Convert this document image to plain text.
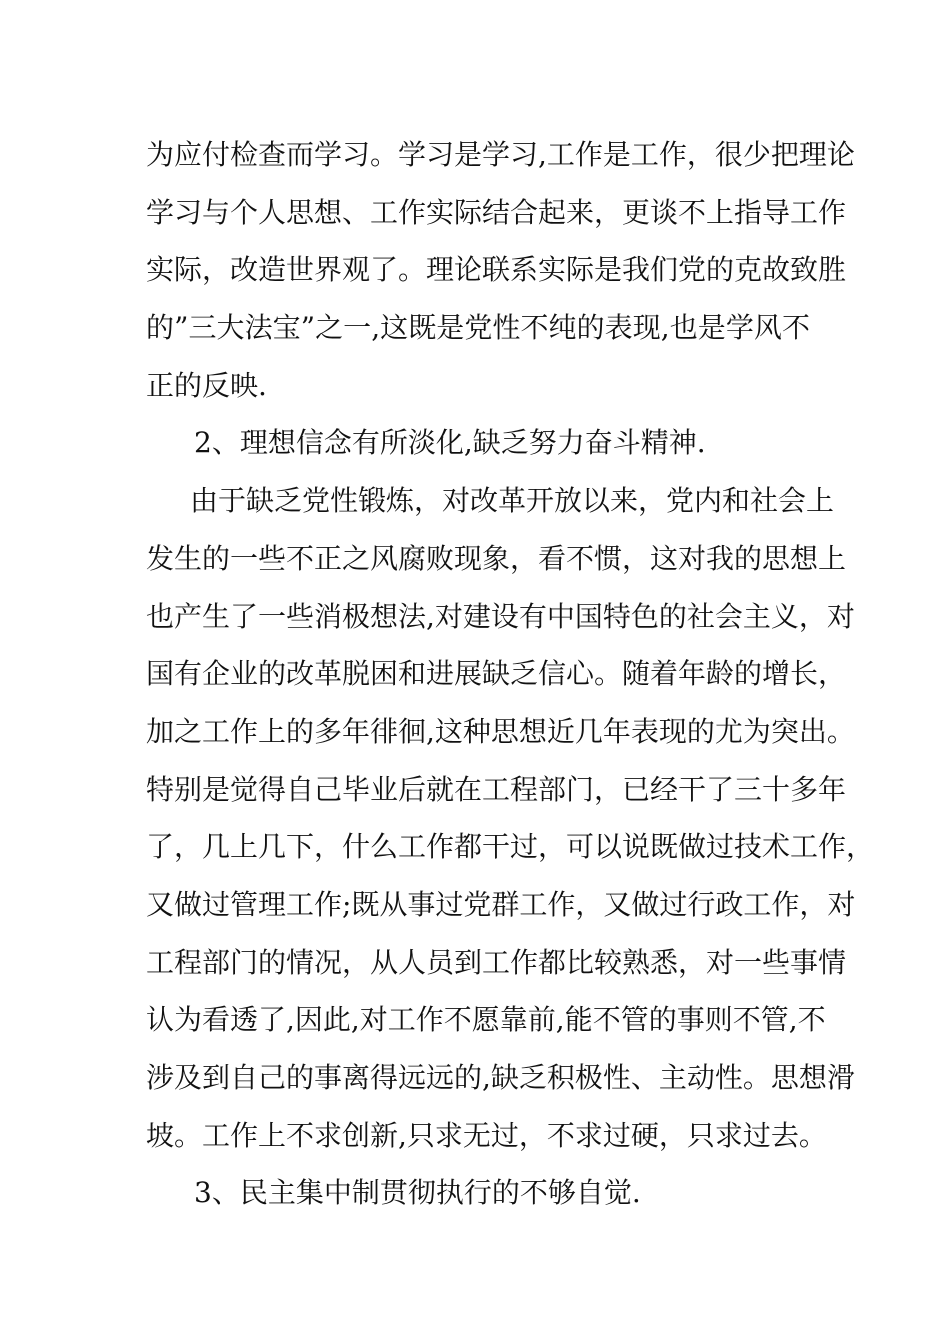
为应付检查而学习。学习是学习,工作是工作，很少把理论
学习与个人思想、工作实际结合起来，更谈不上指导工作
实际，改造世界观了。理论联系实际是我们党的克故致胜
的”三大法宝”之一,这既是党性不纯的表现,也是学风不
正的反映.
2、理想信念有所淡化,缺乏努力奋斗精神.
由于缺乏党性锻炼，对改革开放以来，党内和社会上
发生的一些不正之风腐败现象，看不惯，这对我的思想上
也产生了一些消极想法,对建设有中国特色的社会主义，对
国有企业的改革脱困和进展缺乏信心。随着年龄的增长，
加之工作上的多年徘徊,这种思想近几年表现的尤为突出。
特别是觉得自己毕业后就在工程部门，已经干了三十多年
了，几上几下，什么工作都干过，可以说既做过技术工作，
又做过管理工作;既从事过党群工作，又做过行政工作，对
工程部门的情况，从人员到工作都比较熟悉，对一些事情
认为看透了,因此,对工作不愿靠前,能不管的事则不管,不
涉及到自己的事离得远远的,缺乏积极性、主动性。思想滑
坡。工作上不求创新,只求无过，不求过硬，只求过去。
3、民主集中制贯彻执行的不够自觉.
